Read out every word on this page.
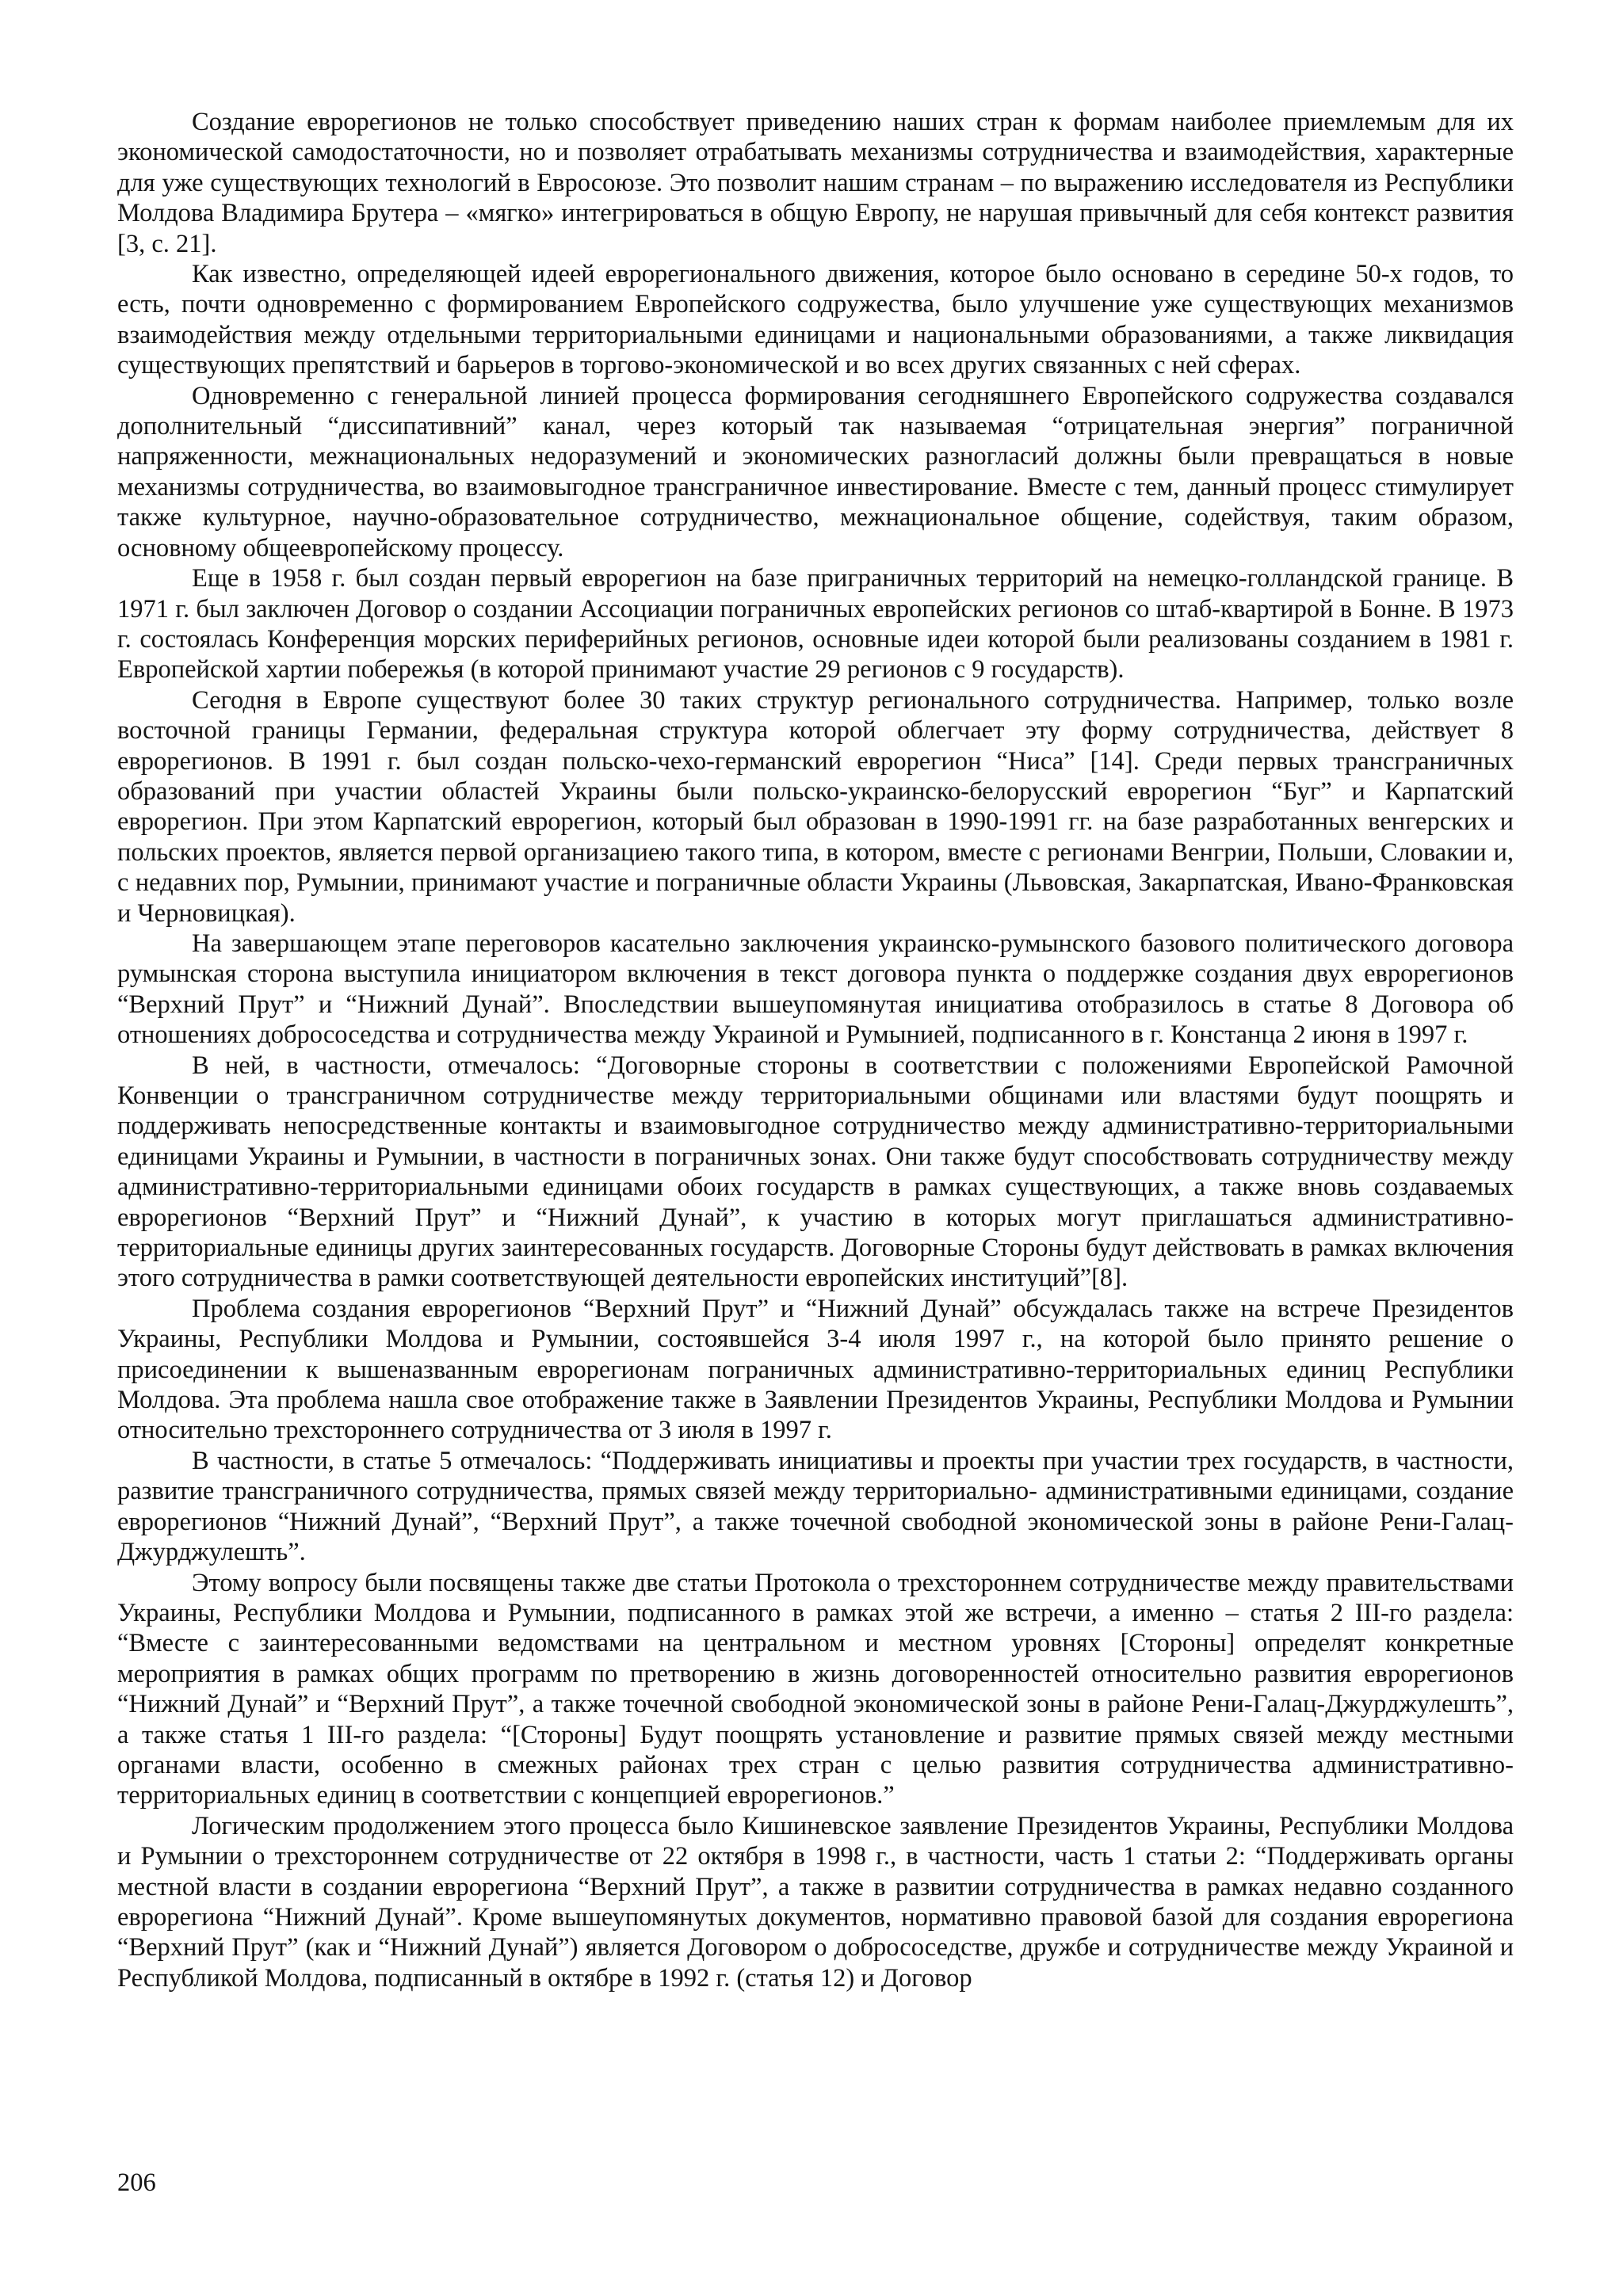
Создание еврорегионов не только способствует приведению наших стран к формам наиболее приемлемым для их экономической самодостаточности, но и позволяет отрабатывать механизмы сотрудничества и взаимодействия, характерные для уже существующих технологий в Евросоюзе. Это позволит нашим странам – по выражению исследователя из Республики Молдова Владимира Брутера – «мягко» интегрироваться в общую Европу, не нарушая привычный для себя контекст развития [3, с. 21].

Как известно, определяющей идеей еврорегионального движения, которое было основано в середине 50-х годов, то есть, почти одновременно с формированием Европейского содружества, было улучшение уже существующих механизмов взаимодействия между отдельными территориальными единицами и национальными образованиями, а также ликвидация существующих препятствий и барьеров в торгово-экономической и во всех других связанных с ней сферах.

Одновременно с генеральной линией процесса формирования сегодняшнего Европейского содружества создавался дополнительный “диссипативний” канал, через который так называемая “отрицательная энергия” пограничной напряженности, межнациональных недоразумений и экономических разногласий должны были превращаться в новые механизмы сотрудничества, во взаимовыгодное трансграничное инвестирование. Вместе с тем, данный процесс стимулирует также культурное, научно-образовательное сотрудничество, межнациональное общение, содействуя, таким образом, основному общеевропейскому процессу.

Еще в 1958 г. был создан первый еврорегион на базе приграничных территорий на немецко-голландской границе. В 1971 г. был заключен Договор о создании Ассоциации пограничных европейских регионов со штаб-квартирой в Бонне. В 1973 г. состоялась Конференция морских периферийных регионов, основные идеи которой были реализованы созданием в 1981 г. Европейской хартии побережья (в которой принимают участие 29 регионов с 9 государств).

Сегодня в Европе существуют более 30 таких структур регионального сотрудничества. Например, только возле восточной границы Германии, федеральная структура которой облегчает эту форму сотрудничества, действует 8 еврорегионов. В 1991 г. был создан польско-чехо-германский еврорегион “Ниса” [14]. Среди первых трансграничных образований при участии областей Украины были польско-украинско-белорусский еврорегион “Буг” и Карпатский еврорегион. При этом Карпатский еврорегион, который был образован в 1990-1991 гг. на базе разработанных венгерских и польских проектов, является первой организациею такого типа, в котором, вместе с регионами Венгрии, Польши, Словакии и, с недавних пор, Румынии, принимают участие и пограничные области Украины (Львовская, Закарпатская, Ивано-Франковская и Черновицкая).

На завершающем этапе переговоров касательно заключения украинско-румынского базового политического договора румынская сторона выступила инициатором включения в текст договора пункта о поддержке создания двух еврорегионов “Верхний Прут” и “Нижний Дунай”. Впоследствии вышеупомянутая инициатива отобразилось в статье 8 Договора об отношениях добрососедства и сотрудничества между Украиной и Румынией, подписанного в г. Констанца 2 июня в 1997 г.

В ней, в частности, отмечалось: “Договорные стороны в соответствии с положениями Европейской Рамочной Конвенции о трансграничном сотрудничестве между территориальными общинами или властями будут поощрять и поддерживать непосредственные контакты и взаимовыгодное сотрудничество между административно-территориальными единицами Украины и Румынии, в частности в пограничных зонах. Они также будут способствовать сотрудничеству между административно-территориальными единицами обоих государств в рамках существующих, а также вновь создаваемых еврорегионов “Верхний Прут” и “Нижний Дунай”, к участию в которых могут приглашаться административно-территориальные единицы других заинтересованных государств. Договорные Стороны будут действовать в рамках включения этого сотрудничества в рамки соответствующей деятельности европейских институций”[8].

Проблема создания еврорегионов “Верхний Прут” и “Нижний Дунай” обсуждалась также на встрече Президентов Украины, Республики Молдова и Румынии, состоявшейся 3-4 июля 1997 г., на которой было принято решение о присоединении к вышеназванным еврорегионам пограничных административно-территориальных единиц Республики Молдова. Эта проблема нашла свое отображение также в Заявлении Президентов Украины, Республики Молдова и Румынии относительно трехстороннего сотрудничества от 3 июля в 1997 г.

В частности, в статье 5 отмечалось: “Поддерживать инициативы и проекты при участии трех государств, в частности, развитие трансграничного сотрудничества, прямых связей между территориально- административными единицами, создание еврорегионов “Нижний Дунай”, “Верхний Прут”, а также точечной свободной экономической зоны в районе Рени-Галац-Джурджулешть”.

Этому вопросу были посвящены также две статьи Протокола о трехстороннем сотрудничестве между правительствами Украины, Республики Молдова и Румынии, подписанного в рамках этой же встречи, а именно – статья 2 III-го раздела: “Вместе с заинтересованными ведомствами на центральном и местном уровнях [Стороны] определят конкретные мероприятия в рамках общих программ по претворению в жизнь договоренностей относительно развития еврорегионов “Нижний Дунай” и “Верхний Прут”, а также точечной свободной экономической зоны в районе Рени-Галац-Джурджулешть”, а также статья 1 III-го раздела: “[Стороны] Будут поощрять установление и развитие прямых связей между местными органами власти, особенно в смежных районах трех стран с целью развития сотрудничества административно-территориальных единиц в соответствии с концепцией еврорегионов.”

Логическим продолжением этого процесса было Кишиневское заявление Президентов Украины, Республики Молдова и Румынии о трехстороннем сотрудничестве от 22 октября в 1998 г., в частности, часть 1 статьи 2: “Поддерживать органы местной власти в создании еврорегиона “Верхний Прут”, а также в развитии сотрудничества в рамках недавно созданного еврорегиона “Нижний Дунай”. Кроме вышеупомянутых документов, нормативно правовой базой для создания еврорегиона “Верхний Прут” (как и “Нижний Дунай”) является Договором о добрососедстве, дружбе и сотрудничестве между Украиной и Республикой Молдова, подписанный в октябре в 1992 г. (статья 12) и Договор

206
